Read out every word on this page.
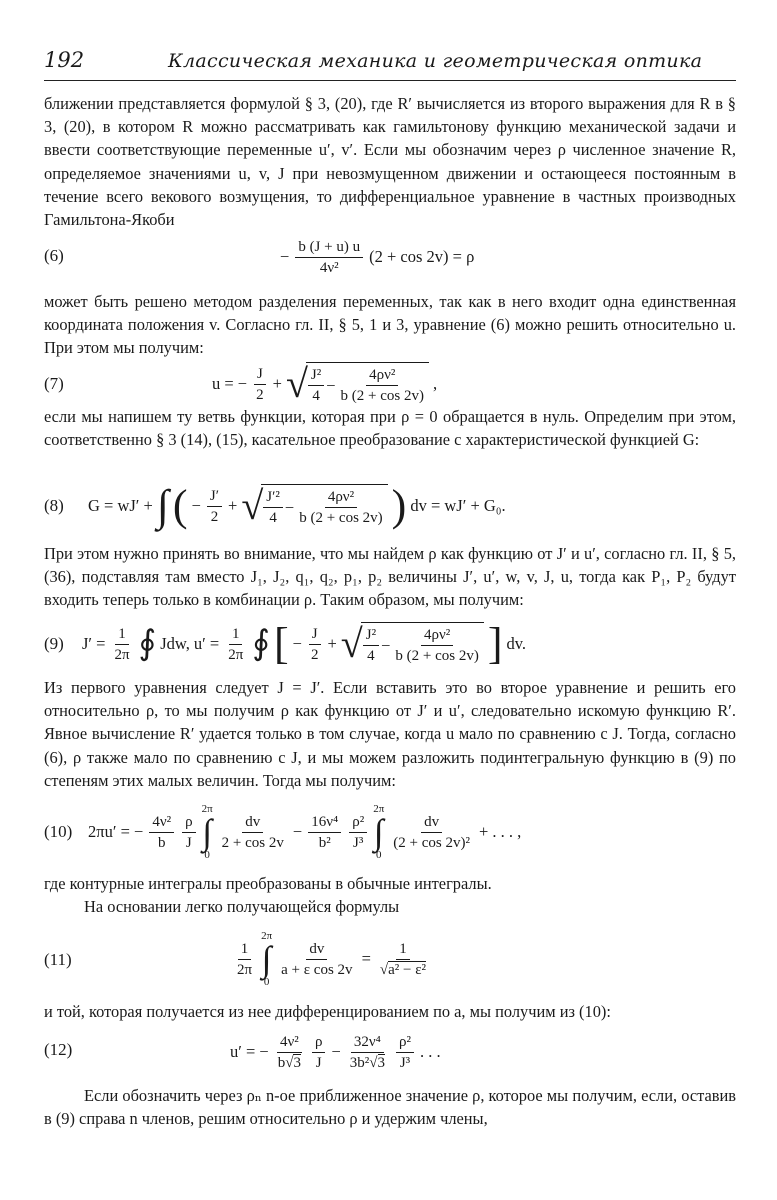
192	Классическая механика и геометрическая оптика

ближении представляется формулой § 3, (20), где R′ вычисляется из второго выражения для R в § 3, (20), в котором R можно рассматривать как гамильтонову функцию механической задачи и ввести соответствующие переменные u′, v′. Если мы обозначим через ρ численное значение R, определяемое значениями u, v, J при невозмущенном движении и остающееся постоянным в течение всего векового возмущения, то дифференциальное уравнение в частных производных Гамильтона-Якоби

(6)	− $\frac{b (J + u) u}{\text{4ν²}} (2 + \cos 2v) = \rho$

может быть решено методом разделения переменных, так как в него входит одна единственная координата положения v. Согласно гл. II, § 5, 1 и 3, уравнение (6) можно решить относительно u. При этом мы получим:

(7)	u = − $\frac{J}{2}$ + √ $\frac{\text{J²}}{4} - \frac{\text{4ρν²}}{b (2 + \cos 2v)}$ ,

если мы напишем ту ветвь функции, которая при ρ = 0 обращается в нуль. Определим при этом, соответственно § 3 (14), (15), касательное преобразование с характеристической функцией G:

(8) G = wJ′ + ∫ ( − $\frac{J'}{2}$ + √ $\frac{\text{J′²}}{4} - \frac{\text{4ρν²}}{b (2 + \cos 2v)}$ ) dv = wJ′ + G₀.

При этом нужно принять во внимание, что мы найдем ρ как функцию от J′ и u′, согласно гл. II, § 5, (36), подставляя там вместо J₁, J₂, q₁, q₂, p₁, p₂ величины J′, u′, w, v, J, u, тогда как P₁, P₂ будут входить теперь только в комбинации ρ. Таким образом, мы получим:

(9) $J' = \frac{1}{2\pi}$ ∮ Jdw, $u' = \frac{1}{2\pi}$ ∮ [ − $\frac{J}{2}$ + √ $\frac{\text{J²}}{4} - \frac{\text{4ρν²}}{b (2 + \cos 2v)}$ ] dv.

Из первого уравнения следует J = J′. Если вставить это во второе уравнение и решить его относительно ρ, то мы получим ρ как функцию от J′ и u′, следовательно искомую функцию R′. Явное вычисление R′ удается только в том случае, когда u мало по сравнению с J. Тогда, согласно (6), ρ также мало по сравнению с J, и мы можем разложить подинтегральную функцию в (9) по степеням этих малых величин. Тогда мы получим:

(10) 2πu′ = − $\frac{\text{4ν²}}{b} \frac{\rho}{J}$
2π
∫
0
$\frac{dv}{2 + \cos 2v} - \frac{\text{16ν⁴}}{\text{b²}} \frac{\text{ρ²}}{\text{J³}}$
2π
∫
0
$\frac{dv}{\text{(2 + cos 2v)²}}$ + . . . ,

где контурные интегралы преобразованы в обычные интегралы.

На основании легко получающейся формулы

(11)	$\frac{1}{2\pi}$
2π
∫
0
$\frac{dv}{\text{a + ε cos 2v}} = \frac{1}{\text{√a² − ε²}}$

и той, которая получается из нее дифференцированием по a, мы получим из (10):

(12)	u′ = − $\frac{\text{4ν²}}{b√3} \frac{\rho}{J} - \frac{\text{32ν⁴}}{\text{3b²√3}} \frac{\text{ρ²}}{\text{J³}}$ . . .

Если обозначить через ρₙ n-ое приближенное значение ρ, которое мы получим, если, оставив в (9) справа n членов, решим относительно ρ и удержим члены,
